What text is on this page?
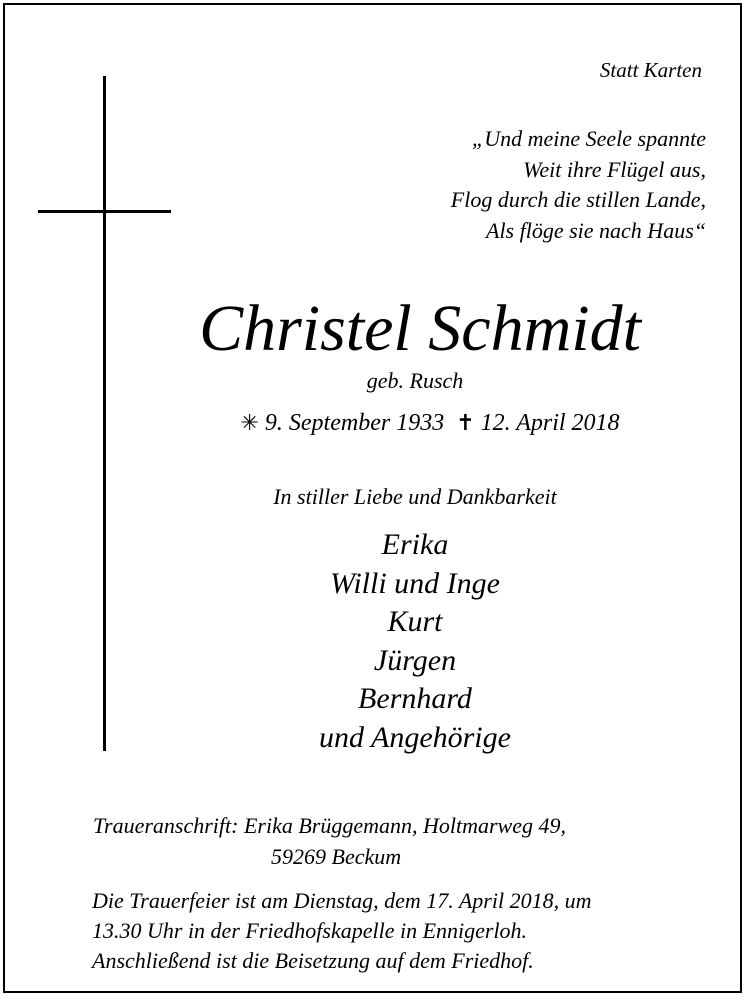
Statt Karten
„Und meine Seele spannte
Weit ihre Flügel aus,
Flog durch die stillen Lande,
Als flöge sie nach Haus“
Christel Schmidt
geb. Rusch
✳ 9. September 1933 ✝ 12. April 2018
In stiller Liebe und Dankbarkeit
Erika
Willi und Inge
Kurt
Jürgen
Bernhard
und Angehörige
Traueranschrift: Erika Brüggemann, Holtmarweg 49,
59269 Beckum
Die Trauerfeier ist am Dienstag, dem 17. April 2018, um
13.30 Uhr in der Friedhofskapelle in Ennigerloh.
Anschließend ist die Beisetzung auf dem Friedhof.
